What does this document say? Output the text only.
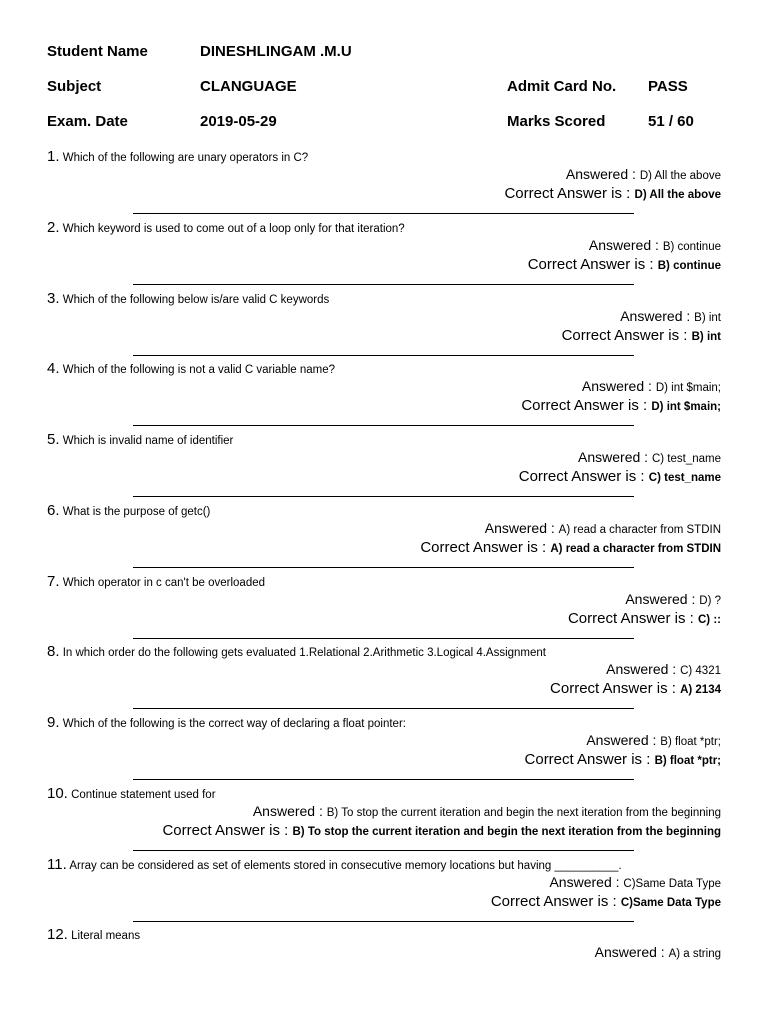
Student Name	DINESHLINGAM .M.U
Subject	CLANGUAGE	Admit Card No. PASS
Exam. Date	2019-05-29	Marks Scored	51 / 60
1. Which of the following are unary operators in C?
Answered : D) All the above
Correct Answer is : D) All the above
2. Which keyword is used to come out of a loop only for that iteration?
Answered : B) continue
Correct Answer is : B) continue
3. Which of the following below is/are valid C keywords
Answered : B) int
Correct Answer is : B) int
4. Which of the following is not a valid C variable name?
Answered : D) int $main;
Correct Answer is : D) int $main;
5. Which is invalid name of identifier
Answered : C) test_name
Correct Answer is : C) test_name
6. What is the purpose of getc()
Answered : A) read a character from STDIN
Correct Answer is : A) read a character from STDIN
7. Which operator in c can't be overloaded
Answered : D) ?
Correct Answer is : C) ::
8. In which order do the following gets evaluated 1.Relational 2.Arithmetic 3.Logical 4.Assignment
Answered : C) 4321
Correct Answer is : A) 2134
9. Which of the following is the correct way of declaring a float pointer:
Answered : B) float *ptr;
Correct Answer is : B) float *ptr;
10. Continue statement used for
Answered : B) To stop the current iteration and begin the next iteration from the beginning
Correct Answer is : B) To stop the current iteration and begin the next iteration from the beginning
11. Array can be considered as set of elements stored in consecutive memory locations but having __________.
Answered : C)Same Data Type
Correct Answer is : C)Same Data Type
12. Literal means
Answered : A) a string
